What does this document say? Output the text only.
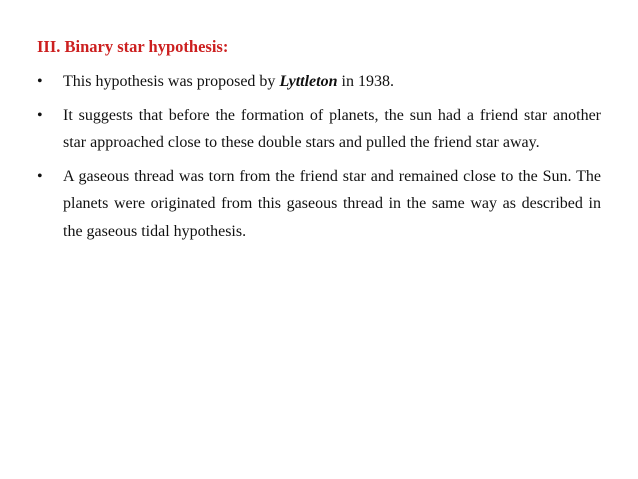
III. Binary star hypothesis:
•	This hypothesis was proposed by Lyttleton in 1938.
•	It suggests that before the formation of planets, the sun had a friend star another star approached close to these double stars and pulled the friend star away.
•	A gaseous thread was torn from the friend star and remained close to the Sun. The planets were originated from this gaseous thread in the same way as described in the gaseous tidal hypothesis.
